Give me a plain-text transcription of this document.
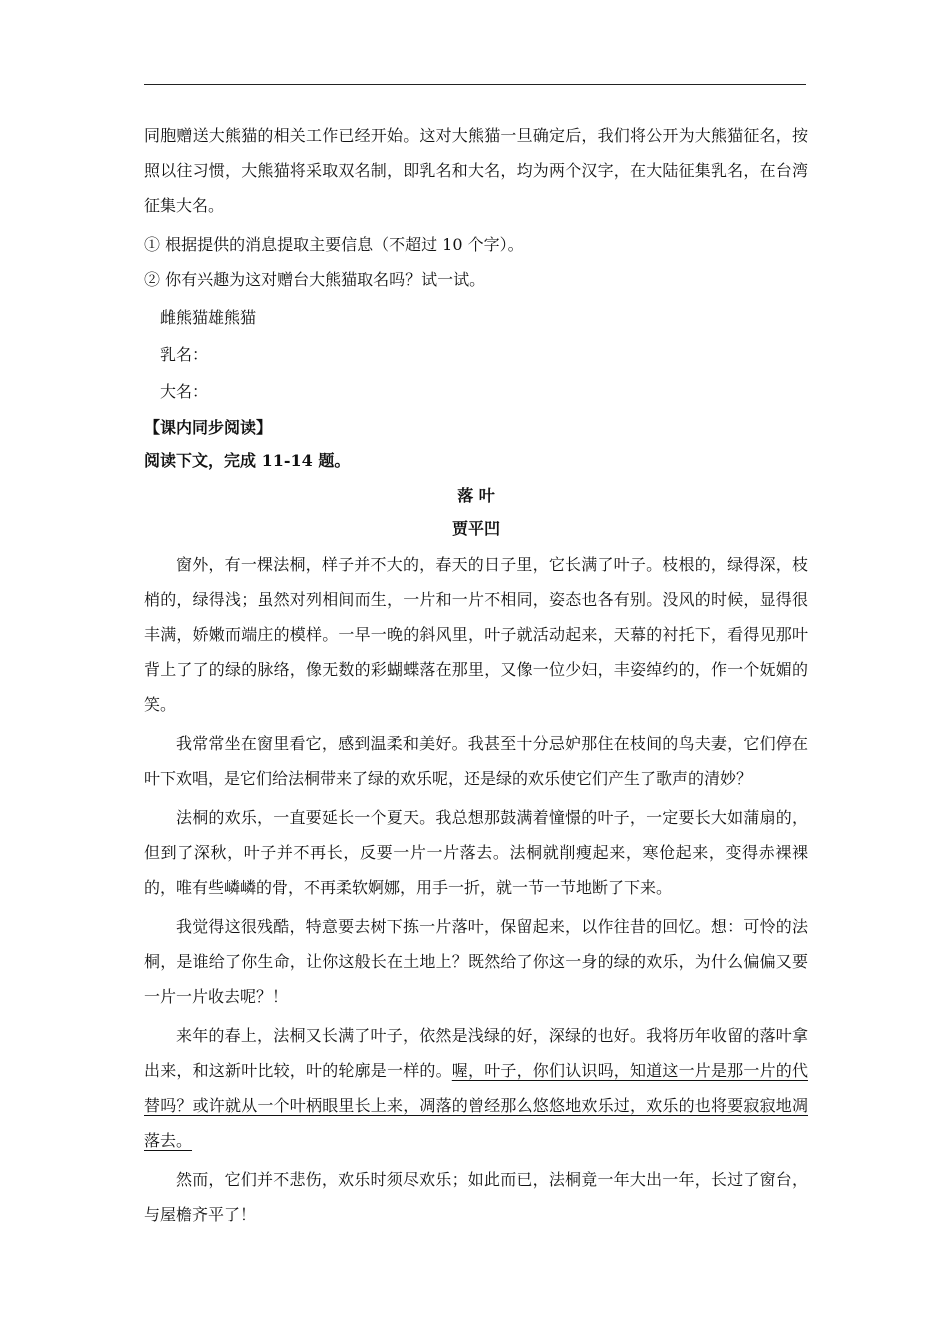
同胞赠送大熊猫的相关工作已经开始。这对大熊猫一旦确定后，我们将公开为大熊猫征名，按照以往习惯，大熊猫将采取双名制，即乳名和大名，均为两个汉字，在大陆征集乳名，在台湾征集大名。

① 根据提供的消息提取主要信息（不超过 10 个字）。

② 你有兴趣为这对赠台大熊猫取名吗？试一试。

雌熊猫雄熊猫

乳名：

大名：

【课内同步阅读】

阅读下文，完成 11-14 题。

落 叶

贾平凹

窗外，有一棵法桐，样子并不大的，春天的日子里，它长满了叶子。枝根的，绿得深，枝梢的，绿得浅；虽然对列相间而生，一片和一片不相同，姿态也各有别。没风的时候，显得很丰满，娇嫩而端庄的模样。一早一晚的斜风里，叶子就活动起来，天幕的衬托下，看得见那叶背上了了的绿的脉络，像无数的彩蝴蝶落在那里，又像一位少妇，丰姿绰约的，作一个妩媚的笑。

我常常坐在窗里看它，感到温柔和美好。我甚至十分忌妒那住在枝间的鸟夫妻，它们停在叶下欢唱，是它们给法桐带来了绿的欢乐呢，还是绿的欢乐使它们产生了歌声的清妙？

法桐的欢乐，一直要延长一个夏天。我总想那鼓满着憧憬的叶子，一定要长大如蒲扇的，但到了深秋，叶子并不再长，反要一片一片落去。法桐就削瘦起来，寒伧起来，变得赤裸裸的，唯有些嶙嶙的骨，不再柔软婀娜，用手一折，就一节一节地断了下来。

我觉得这很残酷，特意要去树下拣一片落叶，保留起来，以作往昔的回忆。想：可怜的法桐，是谁给了你生命，让你这般长在土地上？既然给了你这一身的绿的欢乐，为什么偏偏又要一片一片收去呢？！

来年的春上，法桐又长满了叶子，依然是浅绿的好，深绿的也好。我将历年收留的落叶拿出来，和这新叶比较，叶的轮廓是一样的。喔，叶子，你们认识吗，知道这一片是那一片的代替吗？或许就从一个叶柄眼里长上来，凋落的曾经那么悠悠地欢乐过，欢乐的也将要寂寂地凋落去。

然而，它们并不悲伤，欢乐时须尽欢乐；如此而已，法桐竟一年大出一年，长过了窗台，与屋檐齐平了！
